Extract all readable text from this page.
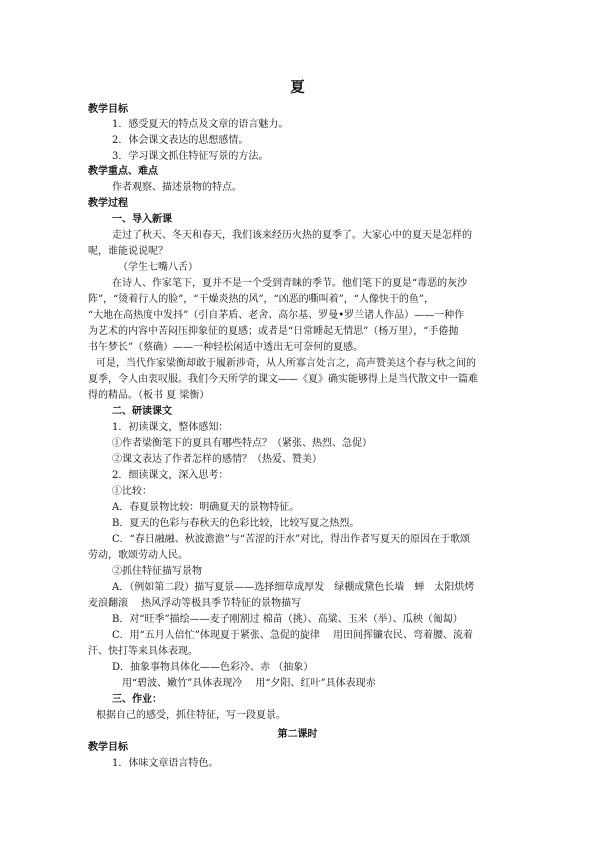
夏
教学目标
1．感受夏天的特点及文章的语言魅力。
2．体会课文表达的思想感情。
3．学习课文抓住特征写景的方法。
教学重点、难点
作者观察、描述景物的特点。
教学过程
一、导入新课
走过了秋天、冬天和春天，我们该来经历火热的夏季了。大家心中的夏天是怎样的
呢，谁能说说呢？
（学生七嘴八舌）
在诗人、作家笔下，夏并不是一个受到青睐的季节。他们笔下的夏是“毒恶的灰沙
阵”，“烫着行人的脸”，“干燥炎热的风”，“凶恶的嘶叫着”，“人像快干的鱼”，
“大地在高热度中发抖”（引自茅盾、老舍、高尔基、罗曼•罗兰诸人作品）——一种作
为艺术的内容中苦闷压抑象征的夏感；或者是“日常睡起无情思”（杨万里），“手倦抛
书午梦长”（蔡确）——一种轻松闲适中透出无可奈何的夏感。
可是，当代作家梁衡却敢于履新涉奇，从人所寡言处言之，高声赞美这个春与秋之间的
夏季，令人由衷叹服。我们今天所学的课文——《夏》确实能够得上是当代散文中一篇难
得的精品。（板书 夏 梁衡）
二、研读课文
1．初读课文，整体感知：
①作者梁衡笔下的夏具有哪些特点？（紧张、热烈、急促）
②课文表达了作者怎样的感情？（热爱、赞美）
2．细读课文，深入思考：
①比较：
A．春夏景物比较：明确夏天的景物特征。
B．夏天的色彩与春秋天的色彩比较，比较写夏之热烈。
C．“春日融融、秋波澹澹”与“苦涩的汗水”对比，得出作者写夏天的原因在于歌颂
劳动，歌颂劳动人民。
②抓住特征描写景物
A．（例如第二段）描写夏景——选择细草成厚发　绿棚成黛色长墙　蝉　太阳烘烤
麦浪翻滚　 热风浮动等极具季节特征的景物描写
B．对“旺季”描绘——麦子刚割过 棉苗（挑）、高粱、玉米（举）、瓜秧（匍匐）
C．用“五月人倍忙”体现夏于紧张、急促的旋律　 用田间挥镰农民、弯着腰、流着
汗、快打等来具体表现。
D．抽象事物具体化——色彩冷、赤 （抽象）
用“碧波、嫩竹”具体表现冷　 用“夕阳、红叶”具体表现赤
三、作业：
根据自己的感受，抓住特征，写一段夏景。
第二课时
教学目标
1．体味文章语言特色。
